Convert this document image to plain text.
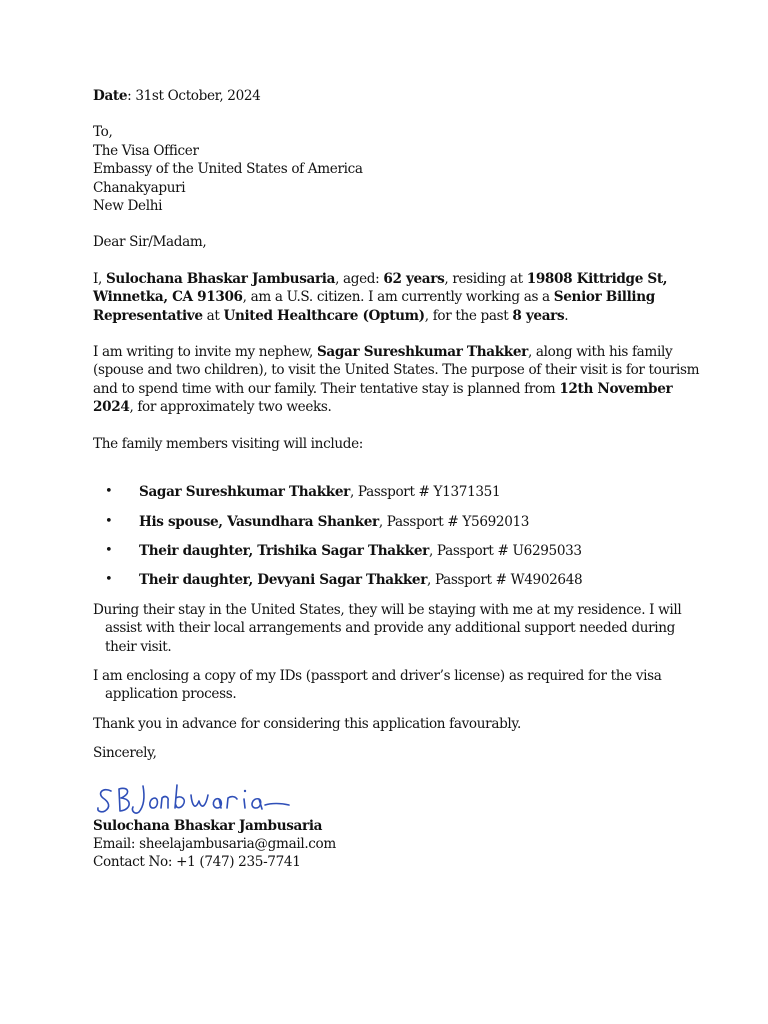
Date: 31st October, 2024

To,
The Visa Officer
Embassy of the United States of America
Chanakyapuri
New Delhi

Dear Sir/Madam,

I, Sulochana Bhaskar Jambusaria, aged: 62 years, residing at 19808 Kittridge St, Winnetka, CA 91306, am a U.S. citizen. I am currently working as a Senior Billing Representative at United Healthcare (Optum), for the past 8 years.

I am writing to invite my nephew, Sagar Sureshkumar Thakker, along with his family (spouse and two children), to visit the United States. The purpose of their visit is for tourism and to spend time with our family. Their tentative stay is planned from 12th November 2024, for approximately two weeks.

The family members visiting will include:

• Sagar Sureshkumar Thakker, Passport # Y1371351
• His spouse, Vasundhara Shanker, Passport # Y5692013
• Their daughter, Trishika Sagar Thakker, Passport # U6295033
• Their daughter, Devyani Sagar Thakker, Passport # W4902648

During their stay in the United States, they will be staying with me at my residence. I will assist with their local arrangements and provide any additional support needed during their visit.

I am enclosing a copy of my IDs (passport and driver’s license) as required for the visa application process.

Thank you in advance for considering this application favourably.

Sincerely,

Sulochana Bhaskar Jambusaria
Email: sheelajambusaria@gmail.com
Contact No: +1 (747) 235-7741
